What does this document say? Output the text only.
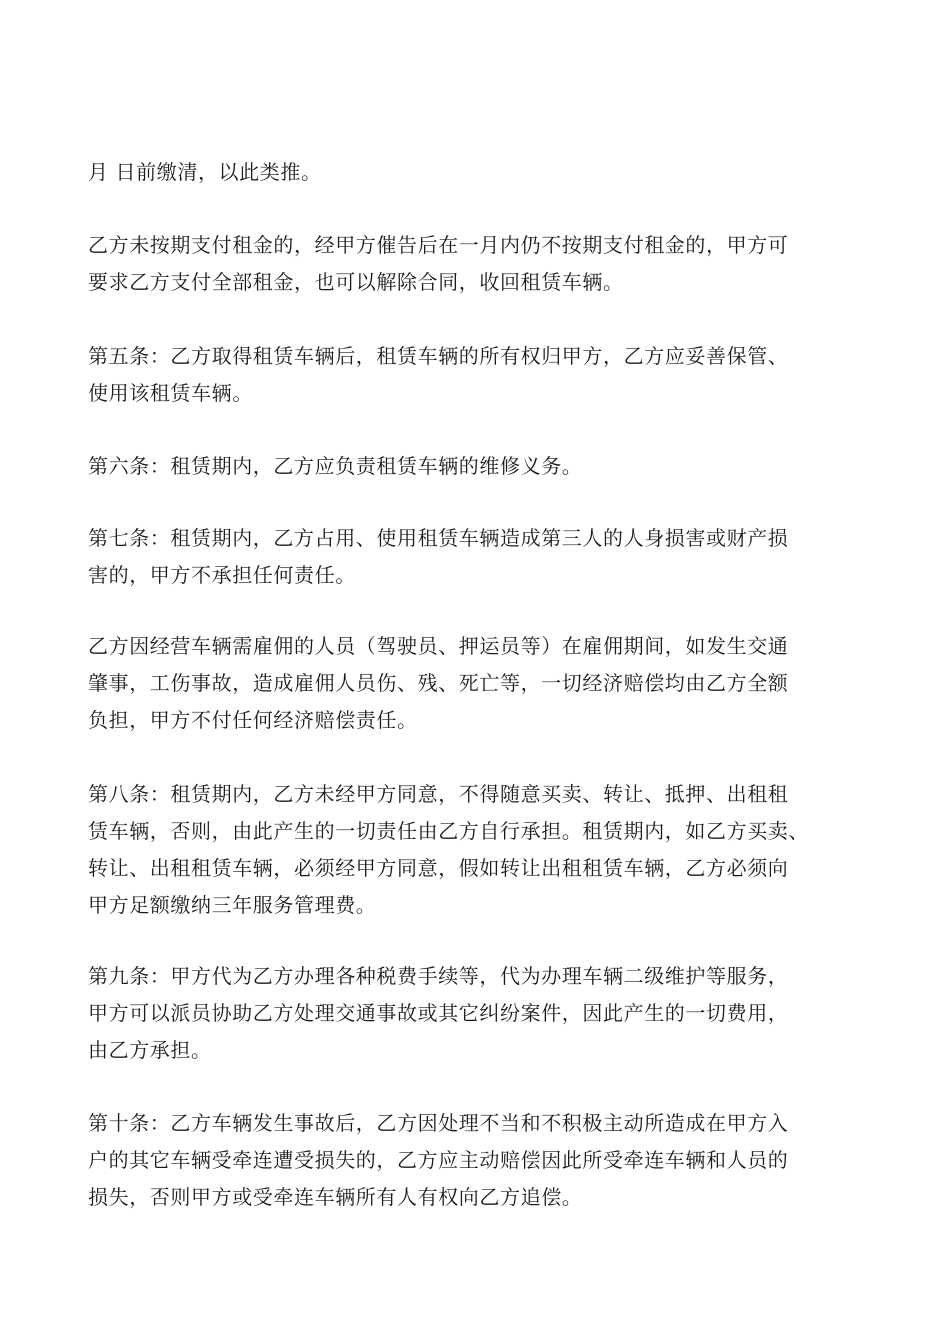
月 日前缴清，以此类推。
乙方未按期支付租金的，经甲方催告后在一月内仍不按期支付租金的，甲方可
要求乙方支付全部租金，也可以解除合同，收回租赁车辆。
第五条：乙方取得租赁车辆后，租赁车辆的所有权归甲方，乙方应妥善保管、
使用该租赁车辆。
第六条：租赁期内，乙方应负责租赁车辆的维修义务。
第七条：租赁期内，乙方占用、使用租赁车辆造成第三人的人身损害或财产损
害的，甲方不承担任何责任。
乙方因经营车辆需雇佣的人员（驾驶员、押运员等）在雇佣期间，如发生交通
肇事，工伤事故，造成雇佣人员伤、残、死亡等，一切经济赔偿均由乙方全额
负担，甲方不付任何经济赔偿责任。
第八条：租赁期内，乙方未经甲方同意，不得随意买卖、转让、抵押、出租租
赁车辆，否则，由此产生的一切责任由乙方自行承担。租赁期内，如乙方买卖、
转让、出租租赁车辆，必须经甲方同意，假如转让出租租赁车辆，乙方必须向
甲方足额缴纳三年服务管理费。
第九条：甲方代为乙方办理各种税费手续等，代为办理车辆二级维护等服务，
甲方可以派员协助乙方处理交通事故或其它纠纷案件，因此产生的一切费用，
由乙方承担。
第十条：乙方车辆发生事故后，乙方因处理不当和不积极主动所造成在甲方入
户的其它车辆受牵连遭受损失的，乙方应主动赔偿因此所受牵连车辆和人员的
损失，否则甲方或受牵连车辆所有人有权向乙方追偿。
